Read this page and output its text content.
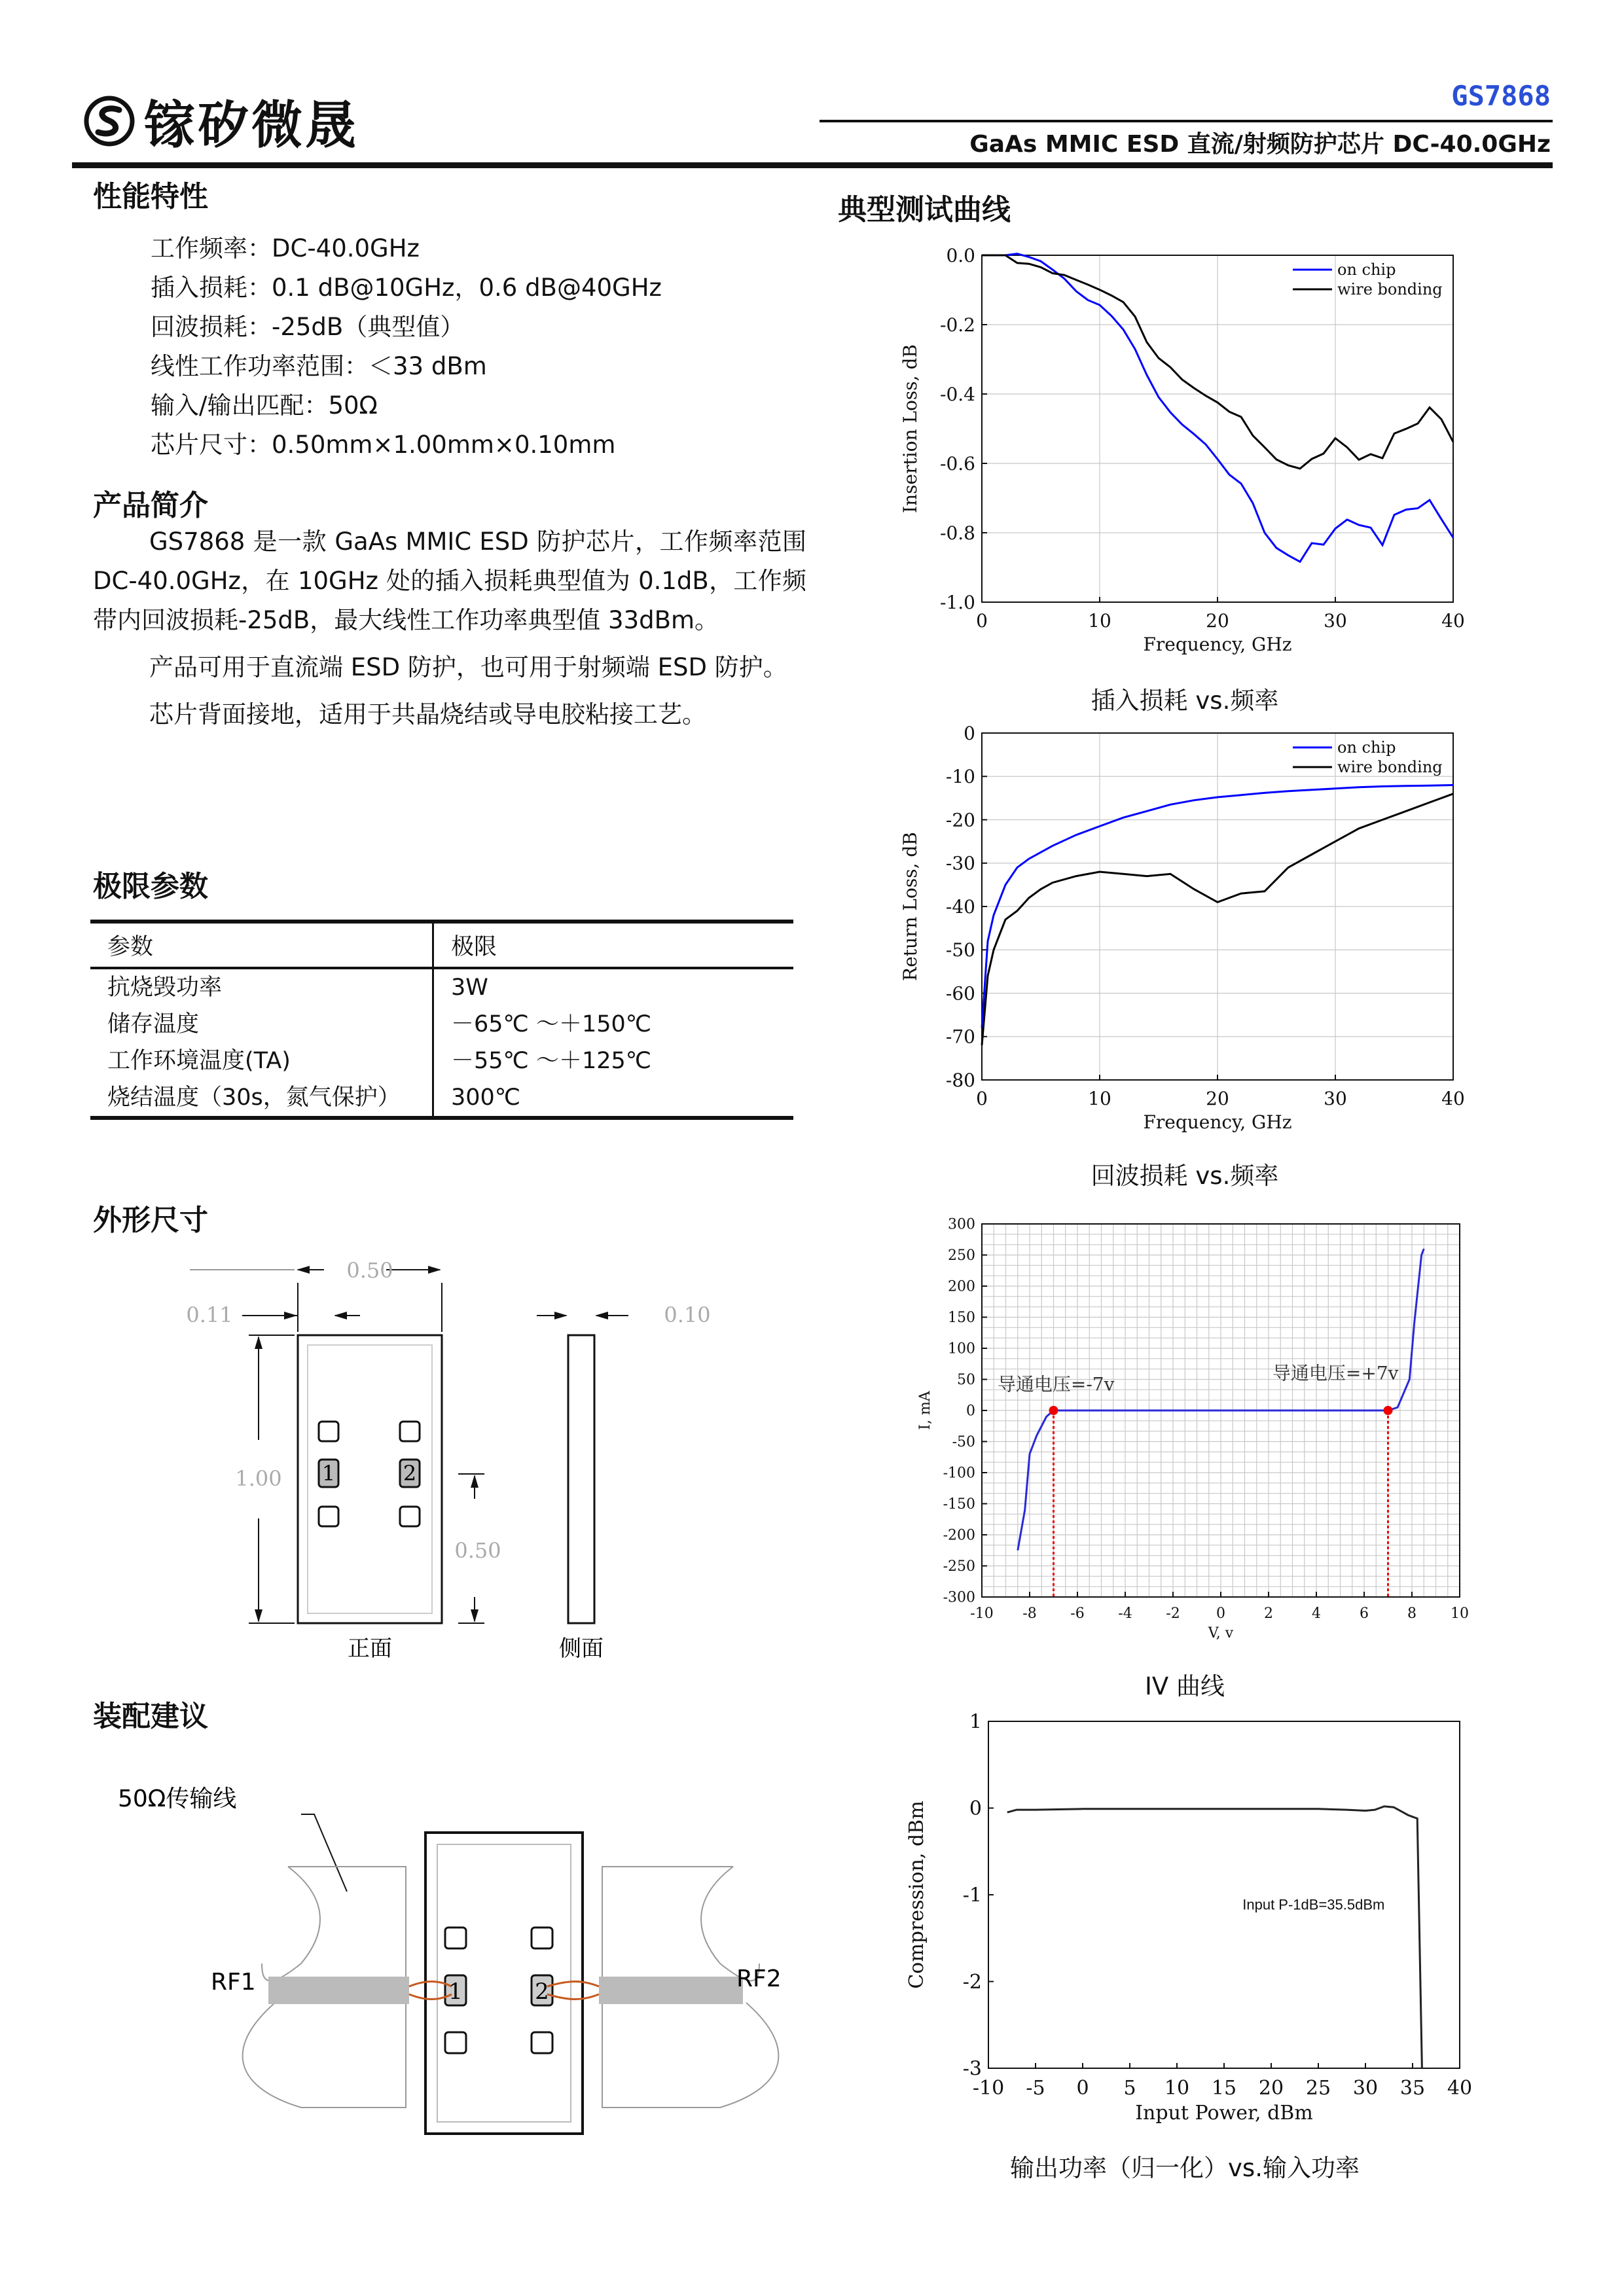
镓矽微晟
GS7868
GaAs MMIC ESD 直流/射频防护芯片 DC-40.0GHz
性能特性
工作频率：DC-40.0GHz
插入损耗：0.1 dB@10GHz，0.6 dB@40GHz
回波损耗：-25dB（典型值）
线性工作功率范围：＜33 dBm
输入/输出匹配：50Ω
芯片尺寸：0.50mm×1.00mm×0.10mm
产品简介
GS7868 是一款 GaAs MMIC ESD 防护芯片，工作频率范围 DC-40.0GHz，在 10GHz 处的插入损耗典型值为 0.1dB，工作频带内回波损耗-25dB，最大线性工作功率典型值 33dBm。
产品可用于直流端 ESD 防护，也可用于射频端 ESD 防护。
芯片背面接地，适用于共晶烧结或导电胶粘接工艺。
极限参数
参数	极限
抗烧毁功率	3W
储存温度	－65℃ ～＋150℃
工作环境温度(TA)	－55℃ ～＋125℃
烧结温度（30s，氮气保护）	300℃
外形尺寸
1	2
0.50
0.11
1.00
0.50
0.10
正面	侧面
装配建议
50Ω传输线
1	2
RF1	RF2
典型测试曲线
0	10	20	30	40
0.0
-0.2
-0.4
-0.6
-0.8
-1.0
Frequency, GHz
Insertion Loss, dB
on chip
wire bonding
插入损耗 vs.频率
0	10	20	30	40
0
-10
-20
-30
-40
-50
-60
-70
-80
Frequency, GHz
Return Loss, dB
on chip
wire bonding
回波损耗 vs.频率
-10 -8 -6 -4 -2	0	2	4	6	8 10
300
250
200
150
100
50
0
-50
-100
-150
-200
-250
-300
V, v
I, mA
导通电压=-7v
导通电压=+7v
IV 曲线
-10 -5 0 5 10 15 20 25 30 35 40
1
0
-1
-2
-3
Input Power, dBm
Compression, dBm	Input P-1dB=35.5dBm
输出功率（归一化）vs.输入功率
